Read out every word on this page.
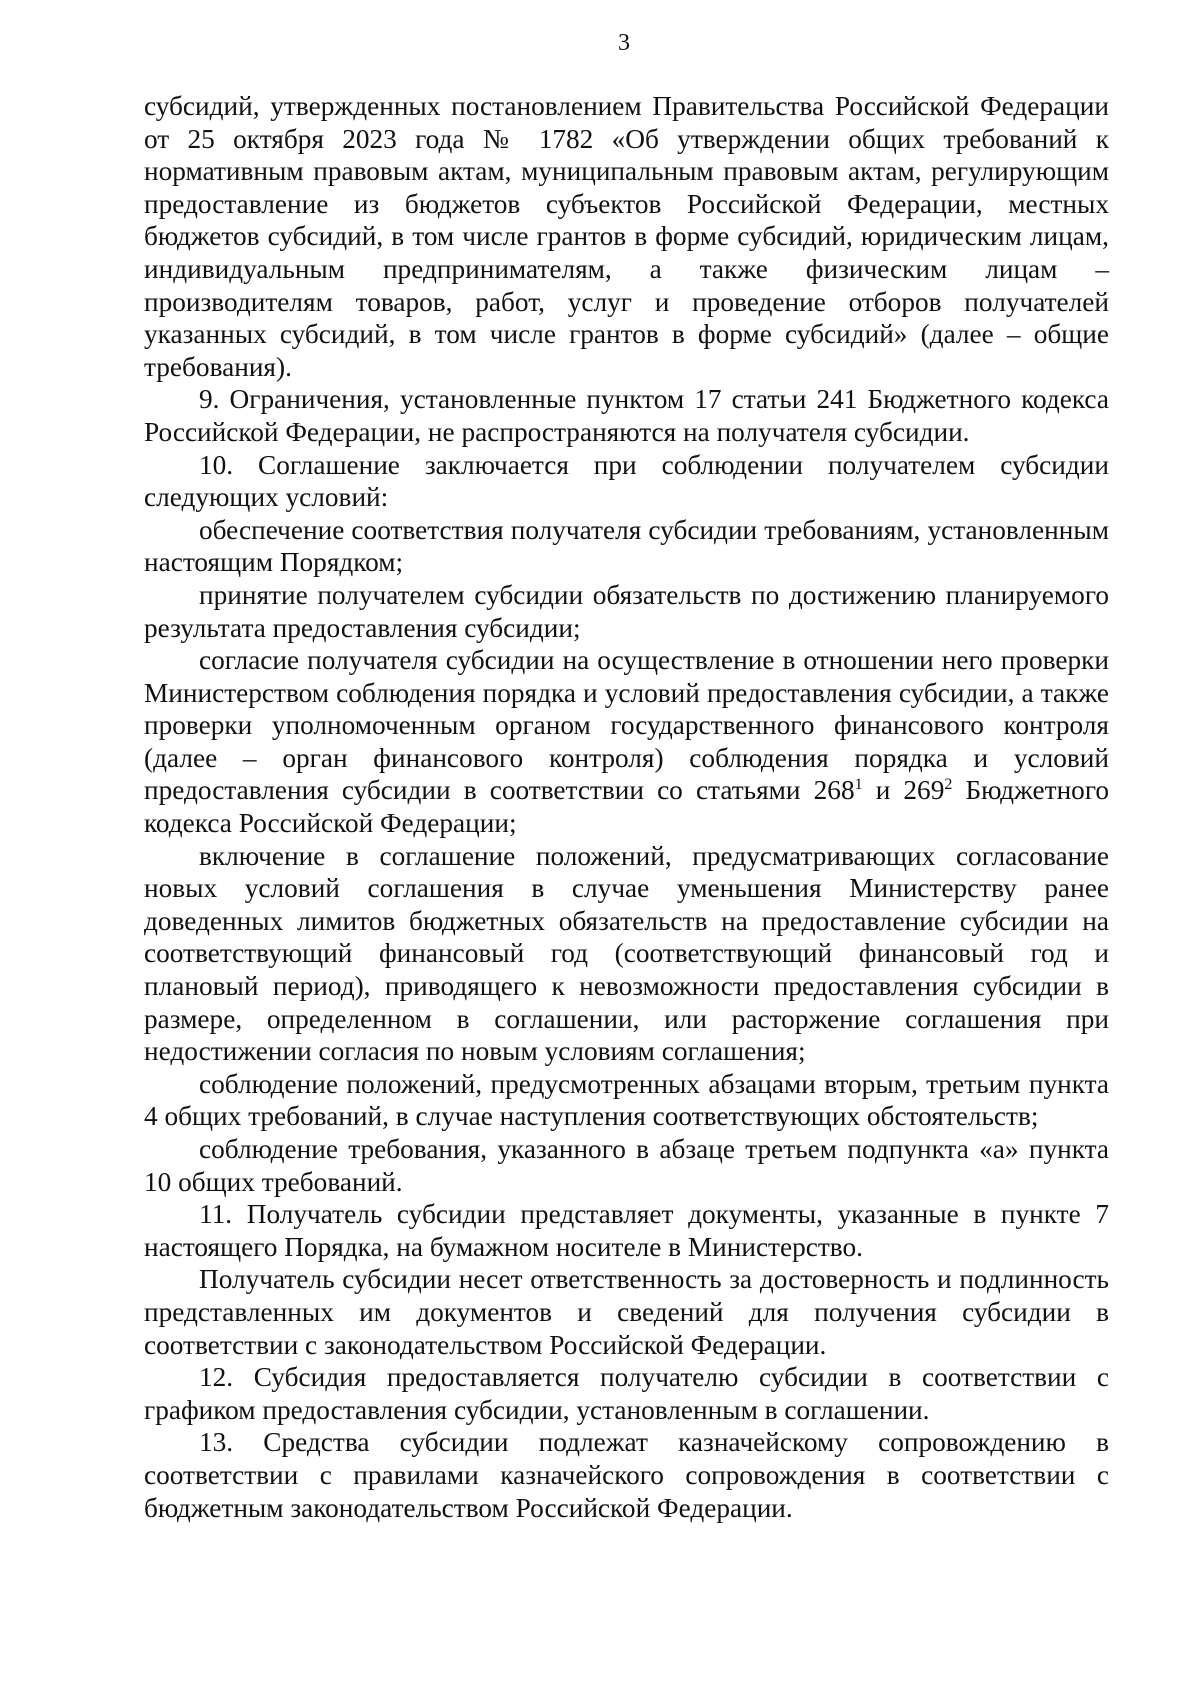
3

субсидий, утвержденных постановлением Правительства Российской Федерации от 25 октября 2023 года № 1782 «Об утверждении общих требований к нормативным правовым актам, муниципальным правовым актам, регулирующим предоставление из бюджетов субъектов Российской Федерации, местных бюджетов субсидий, в том числе грантов в форме субсидий, юридическим лицам, индивидуальным предпринимателям, а также физическим лицам – производителям товаров, работ, услуг и проведение отборов получателей указанных субсидий, в том числе грантов в форме субсидий» (далее – общие требования).

9. Ограничения, установленные пунктом 17 статьи 241 Бюджетного кодекса Российской Федерации, не распространяются на получателя субсидии.

10. Соглашение заключается при соблюдении получателем субсидии следующих условий:

обеспечение соответствия получателя субсидии требованиям, установленным настоящим Порядком;

принятие получателем субсидии обязательств по достижению планируемого результата предоставления субсидии;

согласие получателя субсидии на осуществление в отношении него проверки Министерством соблюдения порядка и условий предоставления субсидии, а также проверки уполномоченным органом государственного финансового контроля (далее – орган финансового контроля) соблюдения порядка и условий предоставления субсидии в соответствии со статьями $268^1$ и $269^2$ Бюджетного кодекса Российской Федерации;

включение в соглашение положений, предусматривающих согласование новых условий соглашения в случае уменьшения Министерству ранее доведенных лимитов бюджетных обязательств на предоставление субсидии на соответствующий финансовый год (соответствующий финансовый год и плановый период), приводящего к невозможности предоставления субсидии в размере, определенном в соглашении, или расторжение соглашения при недостижении согласия по новым условиям соглашения;

соблюдение положений, предусмотренных абзацами вторым, третьим пункта 4 общих требований, в случае наступления соответствующих обстоятельств;

соблюдение требования, указанного в абзаце третьем подпункта «а» пункта 10 общих требований.

11. Получатель субсидии представляет документы, указанные в пункте 7 настоящего Порядка, на бумажном носителе в Министерство.

Получатель субсидии несет ответственность за достоверность и подлинность представленных им документов и сведений для получения субсидии в соответствии с законодательством Российской Федерации.

12. Субсидия предоставляется получателю субсидии в соответствии с графиком предоставления субсидии, установленным в соглашении.

13. Средства субсидии подлежат казначейскому сопровождению в соответствии с правилами казначейского сопровождения в соответствии с бюджетным законодательством Российской Федерации.
